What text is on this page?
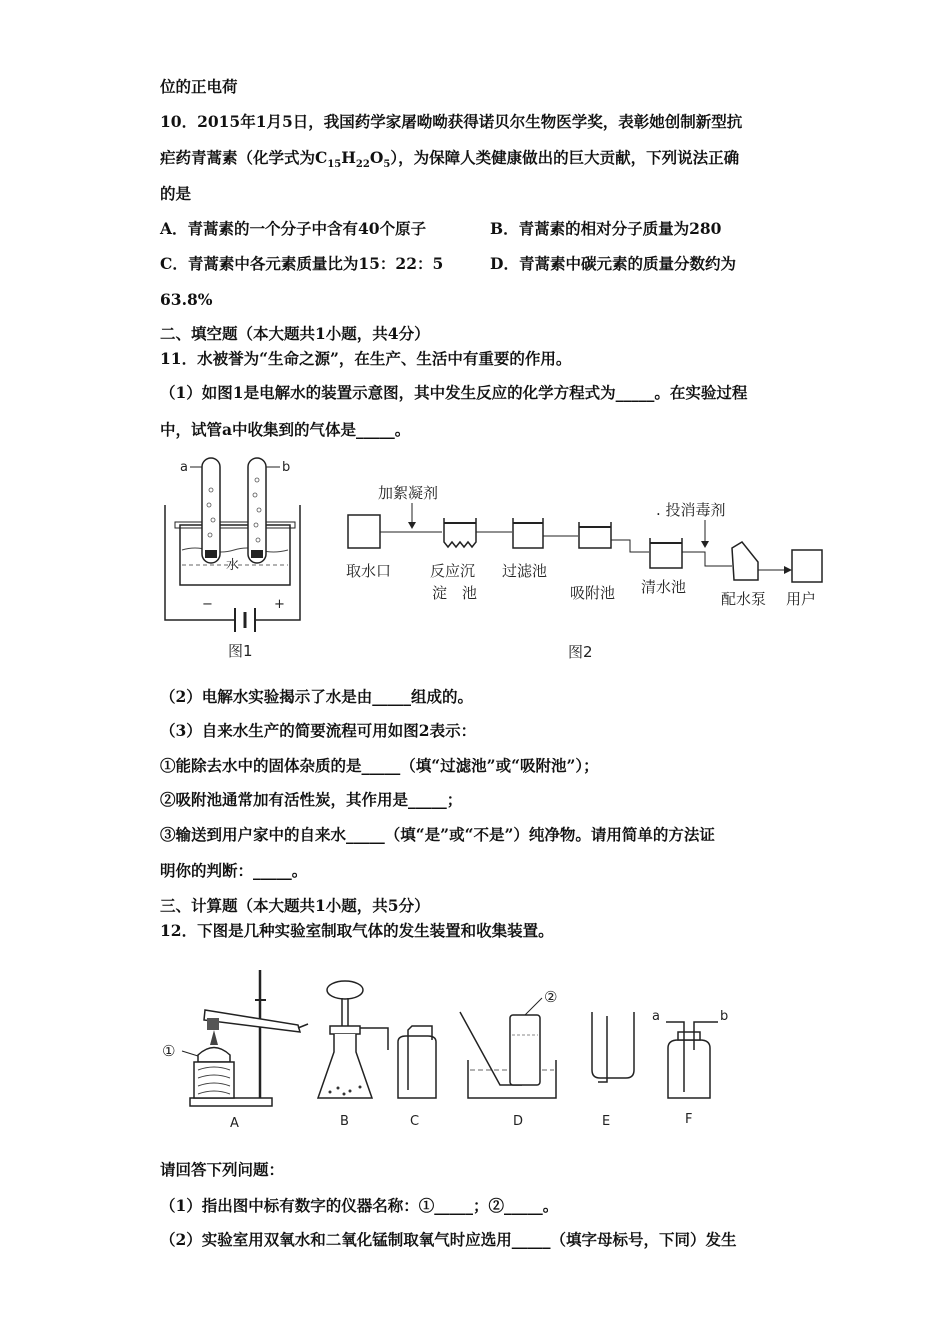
位的正电荷
10．2015年1月5日，我国药学家屠呦呦获得诺贝尔生物医学奖，表彰她创制新型抗
疟药青蒿素（化学式为$C_{15}H_{22}O_5$），为保障人类健康做出的巨大贡献，下列说法正确
的是
A．青蒿素的一个分子中含有40个原子	B．青蒿素的相对分子质量为280
C．青蒿素中各元素质量比为15：22：5	D．青蒿素中碳元素的质量分数约为
63.8%
二、填空题（本大题共1小题，共4分）
11．水被誉为“生命之源”，在生产、生活中有重要的作用。
（1）如图1是电解水的装置示意图，其中发生反应的化学方程式为_____。在实验过程
中，试管a中收集到的气体是_____。
a	b
水
−	+
图1
加絮凝剂
. 投消毒剂
取水口	反应沉
淀　池
过滤池
吸附池 清水池
配水泵 用户
图2
（2）电解水实验揭示了水是由_____组成的。
（3）自来水生产的简要流程可用如图2表示：
①能除去水中的固体杂质的是_____（填“过滤池”或“吸附池”）；
②吸附池通常加有活性炭，其作用是_____；
③输送到用户家中的自来水_____（填“是”或“不是”）纯净物。请用简单的方法证
明你的判断：_____。
三、计算题（本大题共1小题，共5分）
12．下图是几种实验室制取气体的发生装置和收集装置。
①
B	C
②
D	E
a	b
F
A
请回答下列问题：
（1）指出图中标有数字的仪器名称：①_____；②_____。
（2）实验室用双氧水和二氧化锰制取氧气时应选用_____（填字母标号，下同）发生
